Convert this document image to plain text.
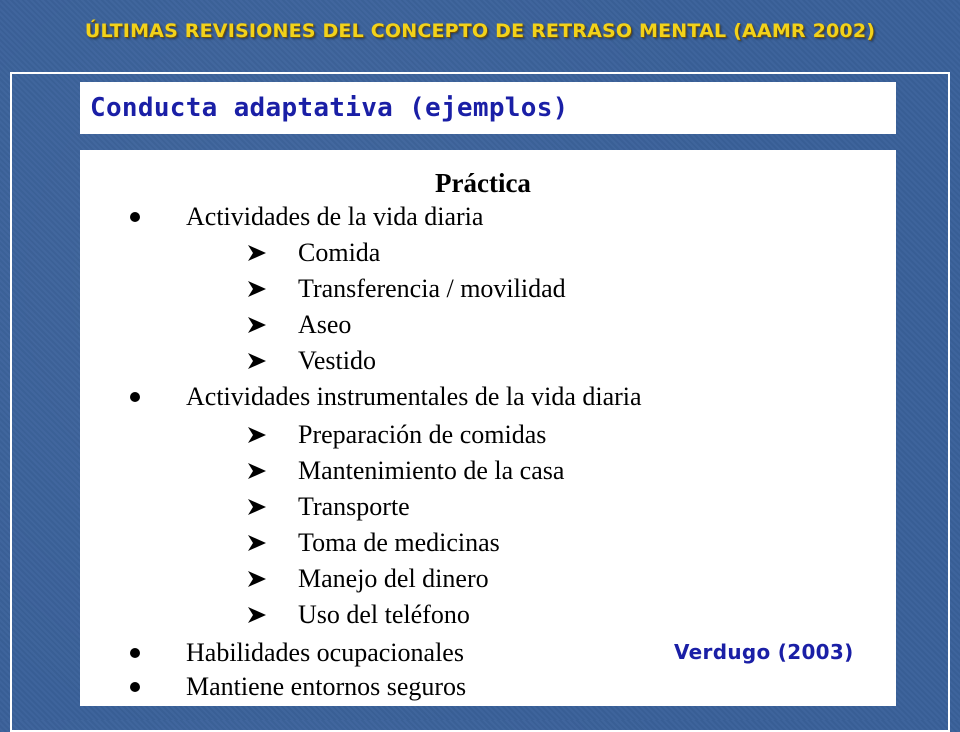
ÚLTIMAS REVISIONES DEL CONCEPTO DE RETRASO MENTAL (AAMR 2002)
Conducta adaptativa (ejemplos)
Práctica
Actividades de la vida diaria
Comida
Transferencia / movilidad
Aseo
Vestido
Actividades instrumentales de la vida diaria
Preparación de comidas
Mantenimiento de la casa
Transporte
Toma de medicinas
Manejo del dinero
Uso del teléfono
Habilidades ocupacionales
Mantiene entornos seguros
Verdugo (2003)
